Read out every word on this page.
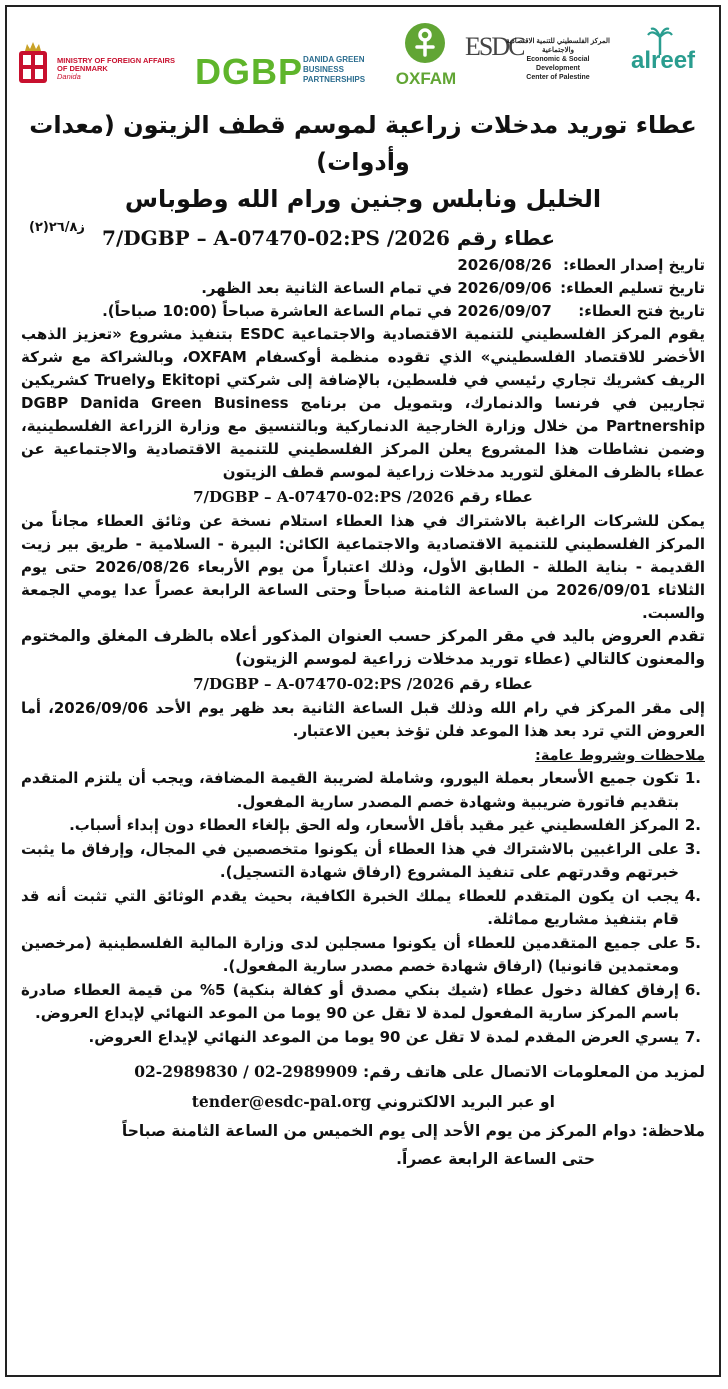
MINISTRY OF FOREIGN AFFAIRS
OF DENMARK
Danida	DGBP DANIDA GREEN
BUSINESS
PARTNERSHIPS	OXFAM
ESDC
المركز الفلسطيني للتنمية الاقتصادية والاجتماعية
Economic & Social Development
Center of Palestine
alreef
عطاء توريد مدخلات زراعية لموسم قطف الزيتون (معدات وأدوات)
الخليل ونابلس وجنين ورام الله وطوباس
عطاء رقم 7/DGBP – A-07470-02:PS /2026
ز٢٦/٨(٢)
تاريخ إصدار العطاء: 2026/08/26
تاريخ تسليم العطاء: 2026/09/06 في تمام الساعة الثانية بعد الظهر.
تاريخ فتح العطاء: 2026/09/07 في تمام الساعة العاشرة صباحاً (10:00 صباحاً).

يقوم المركز الفلسطيني للتنمية الاقتصادية والاجتماعية ESDC بتنفيذ مشروع «تعزيز الذهب الأخضر للاقتصاد الفلسطيني» الذي تقوده منظمة أوكسفام OXFAM، وبالشراكة مع شركة الريف كشريك تجاري رئيسي في فلسطين، بالإضافة إلى شركتي Ekitopi وTruely كشريكين تجاريين في فرنسا والدنمارك، وبتمويل من برنامج DGBP Danida Green Business Partnership من خلال وزارة الخارجية الدنماركية وبالتنسيق مع وزارة الزراعة الفلسطينية، وضمن نشاطات هذا المشروع يعلن المركز الفلسطيني للتنمية الاقتصادية والاجتماعية عن عطاء بالظرف المغلق لتوريد مدخلات زراعية لموسم قطف الزيتون

عطاء رقم 7/DGBP – A-07470-02:PS /2026

يمكن للشركات الراغبة بالاشتراك في هذا العطاء استلام نسخة عن وثائق العطاء مجاناً من المركز الفلسطيني للتنمية الاقتصادية والاجتماعية الكائن: البيرة - السلامية - طريق بير زيت القديمة - بناية الطلة - الطابق الأول، وذلك اعتباراً من يوم الأربعاء 2026/08/26 حتى يوم الثلاثاء 2026/09/01 من الساعة الثامنة صباحاً وحتى الساعة الرابعة عصراً عدا يومي الجمعة والسبت.

تقدم العروض باليد في مقر المركز حسب العنوان المذكور أعلاه بالظرف المغلق والمختوم والمعنون كالتالي (عطاء توريد مدخلات زراعية لموسم الزيتون)

عطاء رقم 7/DGBP – A-07470-02:PS /2026

إلى مقر المركز في رام الله وذلك قبل الساعة الثانية بعد ظهر يوم الأحد 2026/09/06، أما العروض التي ترد بعد هذا الموعد فلن تؤخذ بعين الاعتبار.

ملاحظات وشروط عامة:

.1
تكون جميع الأسعار بعملة اليورو، وشاملة لضريبة القيمة المضافة، ويجب أن يلتزم المتقدم بتقديم فاتورة ضريبية وشهادة خصم المصدر سارية المفعول.
.2
المركز الفلسطيني غير مقيد بأقل الأسعار، وله الحق بإلغاء العطاء دون إبداء أسباب.
.3
على الراغبين بالاشتراك في هذا العطاء أن يكونوا متخصصين في المجال، وإرفاق ما يثبت خبرتهم وقدرتهم على تنفيذ المشروع (ارفاق شهادة التسجيل).
.4
يجب ان يكون المتقدم للعطاء يملك الخبرة الكافية، بحيث يقدم الوثائق التي تثبت أنه قد قام بتنفيذ مشاريع مماثلة.
.5
على جميع المتقدمين للعطاء أن يكونوا مسجلين لدى وزارة المالية الفلسطينية (مرخصين ومعتمدين قانونيا) (ارفاق شهادة خصم مصدر سارية المفعول).
.6
إرفاق كفالة دخول عطاء (شيك بنكي مصدق أو كفالة بنكية) 5% من قيمة العطاء صادرة باسم المركز سارية المفعول لمدة لا تقل عن 90 يوما من الموعد النهائي لإيداع العروض.
.7
يسري العرض المقدم لمدة لا تقل عن 90 يوما من الموعد النهائي لإيداع العروض.
لمزيد من المعلومات الاتصال على هاتف رقم: 02-2989830 / 02-2989909
او عبر البريد الالكتروني tender@esdc-pal.org
ملاحظة: دوام المركز من يوم الأحد إلى يوم الخميس من الساعة الثامنة صباحاً
حتى الساعة الرابعة عصراً.
